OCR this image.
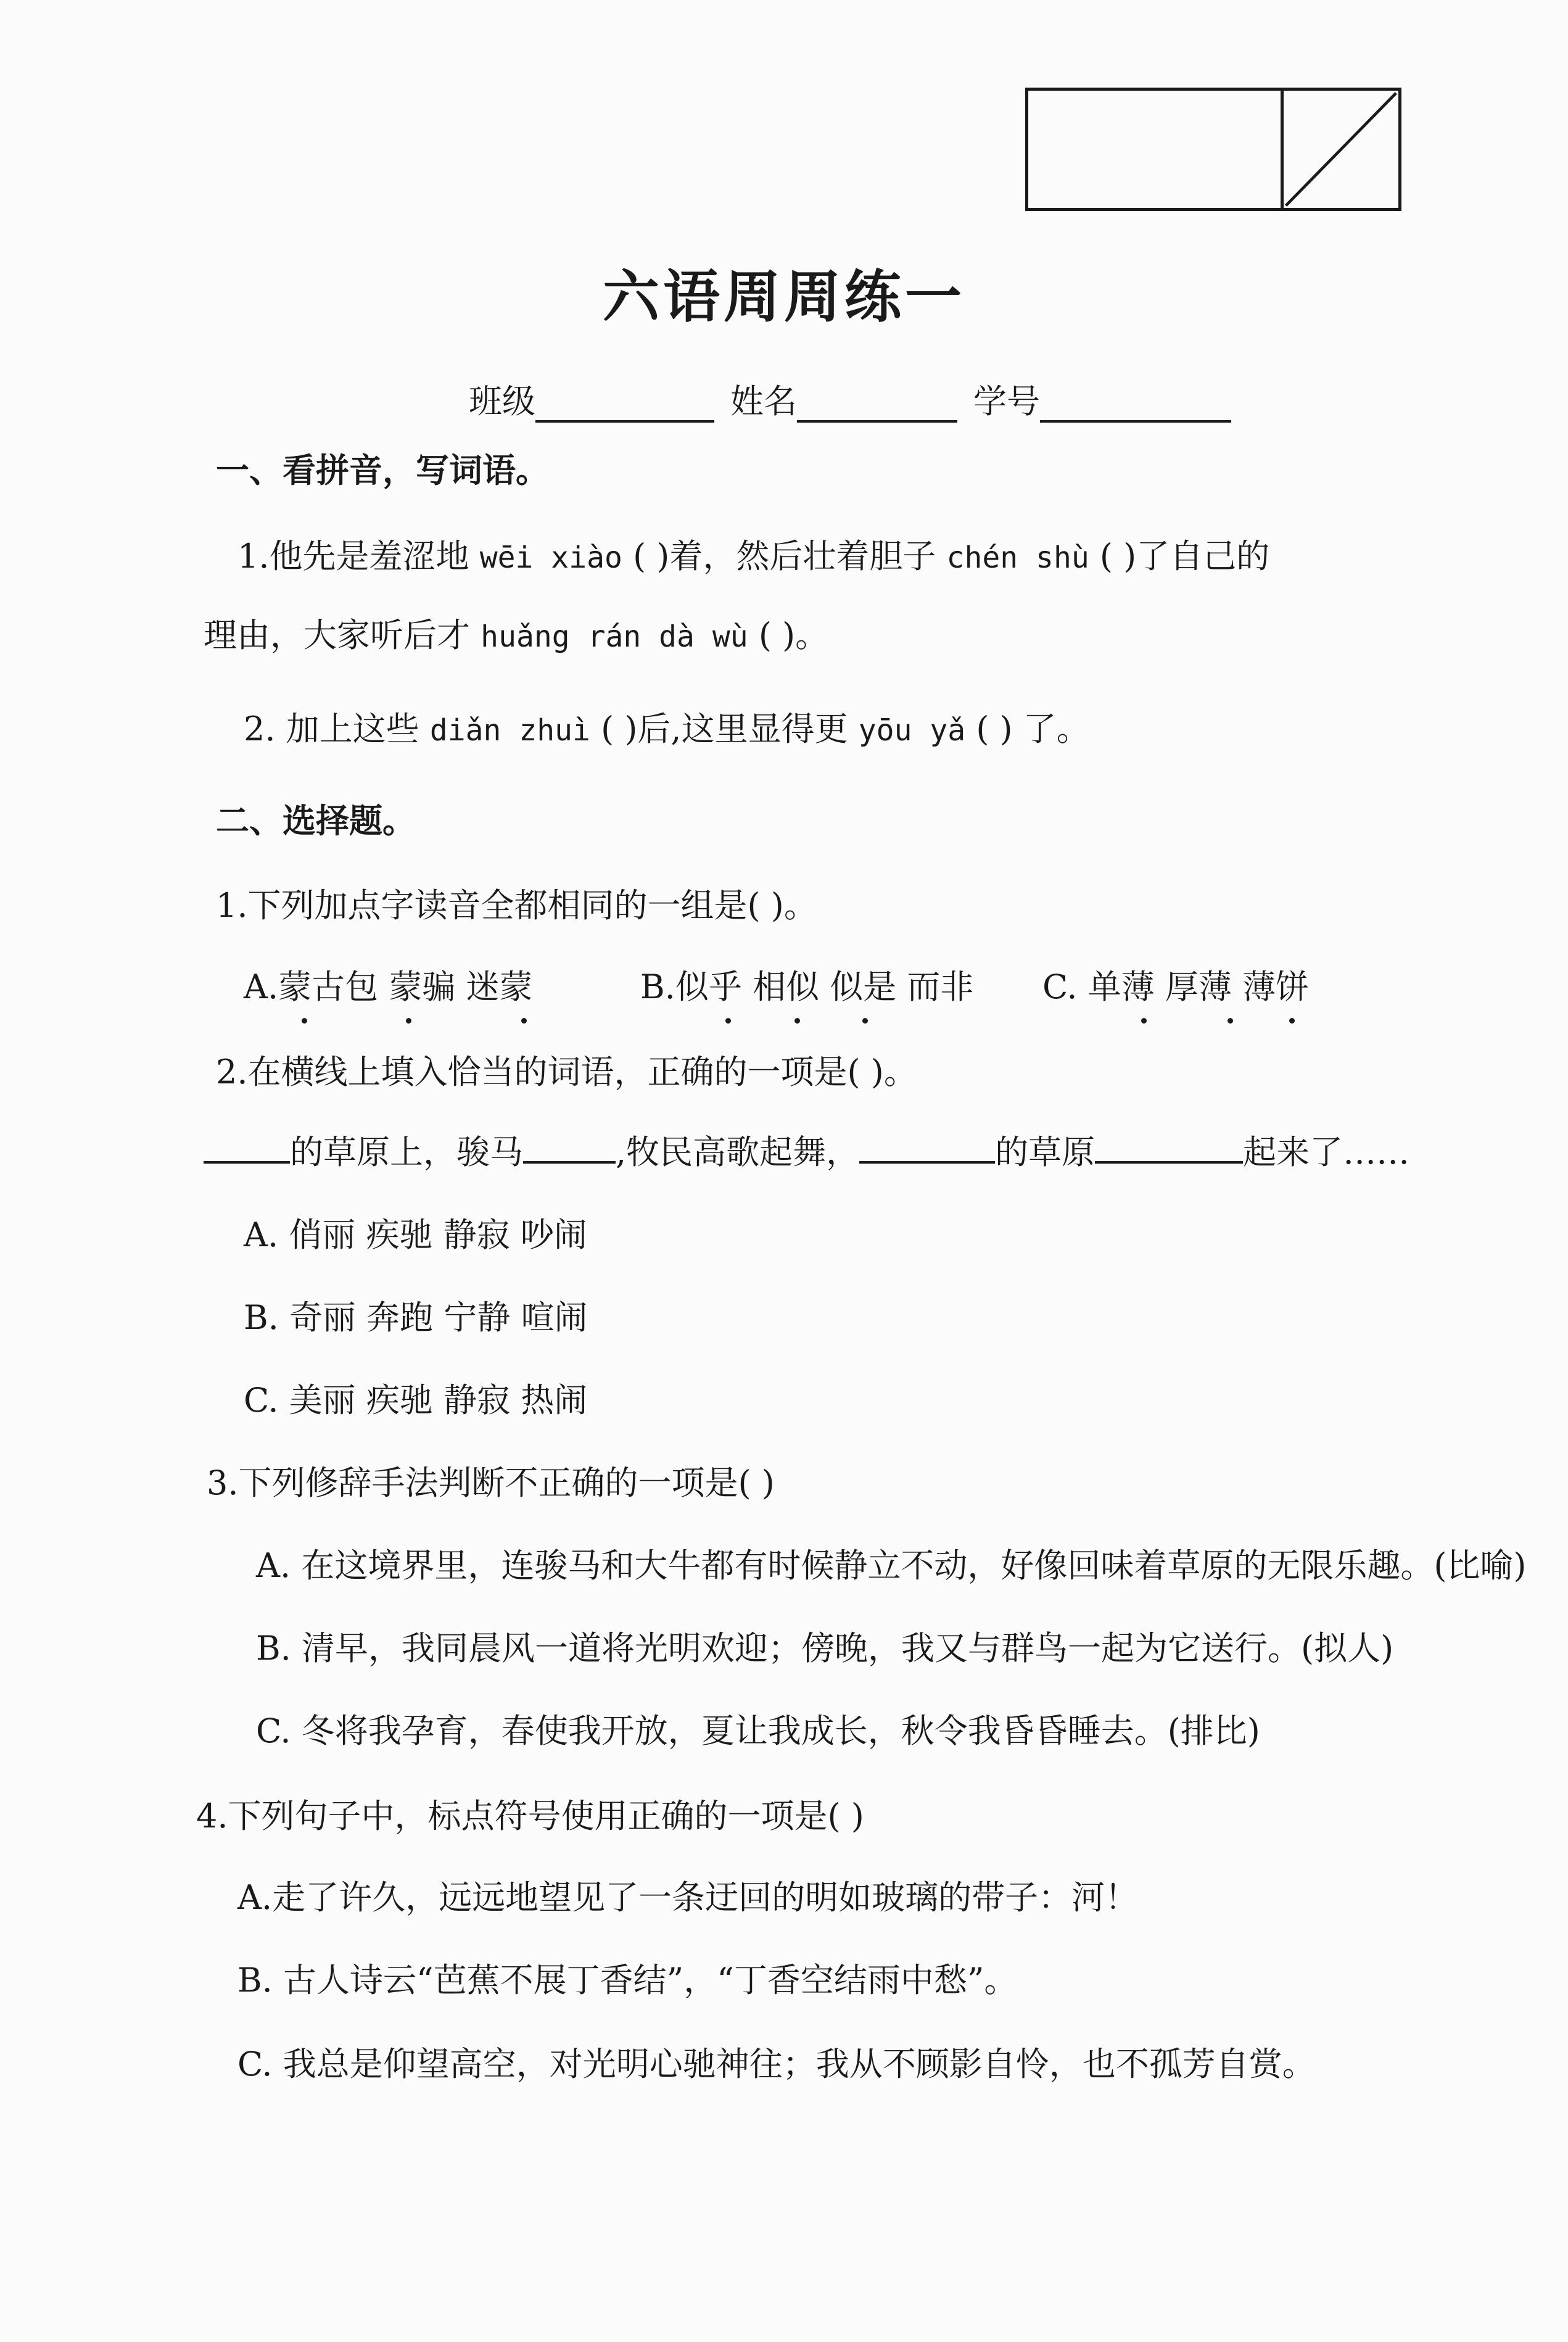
六语周周练一
班级	姓名	学号
一、看拼音，写词语。
1.他先是羞涩地 wēi xiào ( )着，然后壮着胆子 chén shù ( )了自己的
理由，大家听后才 huǎng rán dà wù ( )。
2. 加上这些 diǎn zhuì ( )后,这里显得更 yōu yǎ ( ) 了。
二、选择题。
1.下列加点字读音全都相同的一组是( )。
A.蒙古包 蒙骗 迷蒙	B.似乎 相似 似是 而非 C. 单薄 厚薄 薄饼
2.在横线上填入恰当的词语，正确的一项是( )。
的草原上，骏马	,牧民高歌起舞，	的草原	起来了……
A. 俏丽 疾驰 静寂 吵闹
B. 奇丽 奔跑 宁静 喧闹
C. 美丽 疾驰 静寂 热闹
3.下列修辞手法判断不正确的一项是( )
A. 在这境界里，连骏马和大牛都有时候静立不动，好像回味着草原的无限乐趣。(比喻)
B. 清早，我同晨风一道将光明欢迎；傍晚，我又与群鸟一起为它送行。(拟人)
C. 冬将我孕育，春使我开放，夏让我成长，秋令我昏昏睡去。(排比)
4.下列句子中，标点符号使用正确的一项是( )
A.走了许久，远远地望见了一条迂回的明如玻璃的带子：河！
B. 古人诗云“芭蕉不展丁香结”，“丁香空结雨中愁”。
C. 我总是仰望高空，对光明心驰神往；我从不顾影自怜，也不孤芳自赏。
